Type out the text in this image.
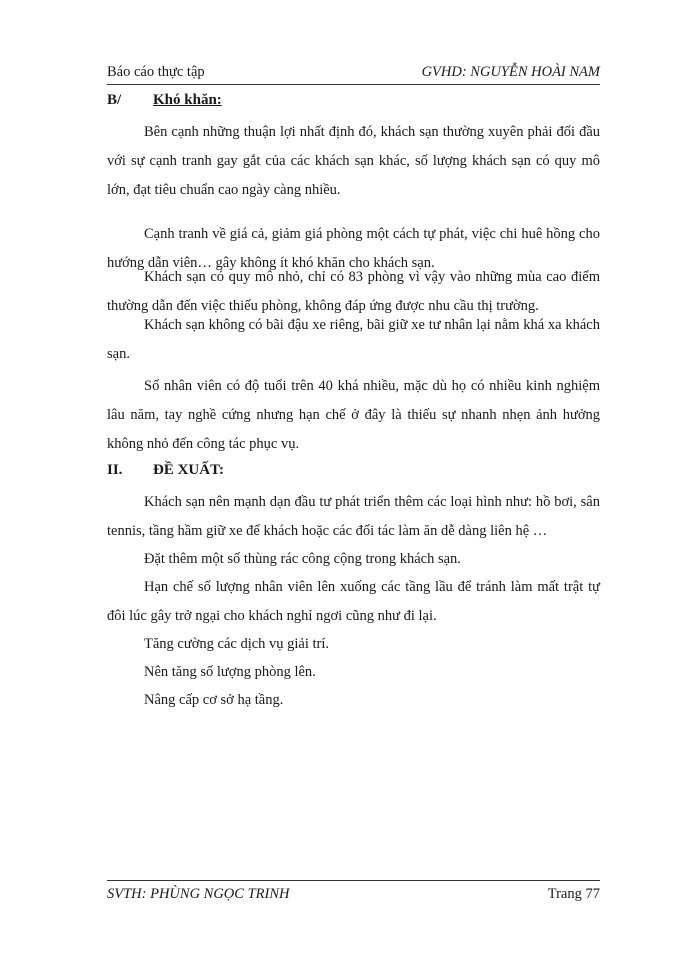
Báo cáo thực tập	GVHD: NGUYỄN HOÀI NAM
B/ Khó khăn:
Bên cạnh những thuận lợi nhất định đó, khách sạn thường xuyên phải đối đầu với sự cạnh tranh gay gắt của các khách sạn khác, số lượng khách sạn có quy mô lớn, đạt tiêu chuẩn cao ngày càng nhiều.
Cạnh tranh về giá cả, giảm giá phòng một cách tự phát, việc chi huê hồng cho hướng dẫn viên… gây không ít khó khăn cho khách sạn.
Khách sạn có quy mô nhỏ, chỉ có 83 phòng vì vậy vào những mùa cao điểm thường dẫn đến việc thiếu phòng, không đáp ứng được nhu cầu thị trường.
Khách sạn không có bãi đậu xe riêng, bãi giữ xe tư nhân lại nằm khá xa khách sạn.
Số nhân viên có độ tuổi trên 40 khá nhiều, mặc dù họ có nhiều kinh nghiệm lâu năm, tay nghề cứng nhưng hạn chế ở đây là thiếu sự nhanh nhẹn ảnh hưởng không nhỏ đến công tác phục vụ.
II. ĐỀ XUẤT:
Khách sạn nên mạnh dạn đầu tư phát triển thêm các loại hình như: hồ bơi, sân tennis, tầng hầm giữ xe để khách hoặc các đối tác làm ăn dễ dàng liên hệ …
Đặt thêm một số thùng rác công cộng trong khách sạn.
Hạn chế số lượng nhân viên lên xuống các tầng lầu để tránh làm mất trật tự đôi lúc gây trở ngại cho khách nghỉ ngơi cũng như đi lại.
Tăng cường các dịch vụ giải trí.
Nên tăng số lượng phòng lên.
Nâng cấp cơ sở hạ tầng.
SVTH: PHÙNG NGỌC TRINH	Trang 77
